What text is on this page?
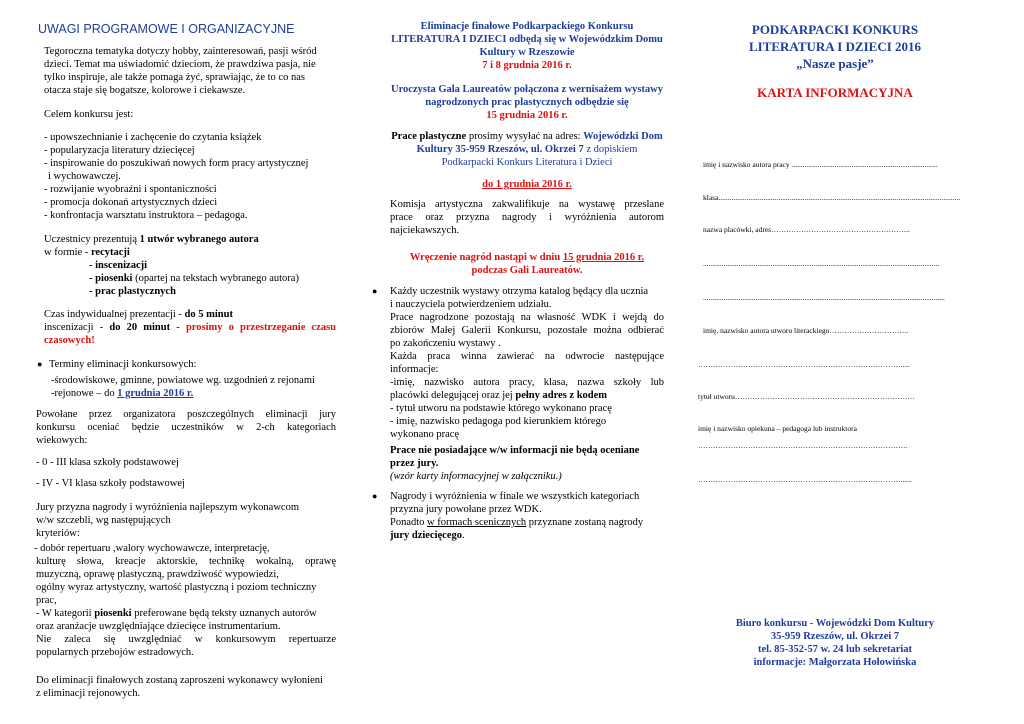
UWAGI PROGRAMOWE I ORGANIZACYJNE
Tegoroczna tematyka dotyczy hobby, zainteresowań, pasji wśród
dzieci. Temat ma uświadomić dzieciom, że prawdziwa pasja, nie
tylko inspiruje, ale także pomaga żyć, sprawiając, że to co nas
otacza staje się bogatsze, kolorowe i ciekawsze.
Celem konkursu jest:
- upowszechnianie i zachęcenie do czytania książek
- popularyzacja literatury dziecięcej
- inspirowanie do poszukiwań nowych form pracy artystycznej
i wychowawczej.
- rozwijanie wyobraźni i spontaniczności
- promocja dokonań artystycznych dzieci
- konfrontacja warsztatu instruktora – pedagoga.
Uczestnicy prezentują 1 utwór wybranego autora
w formie - recytacji
- inscenizacji
- piosenki (opartej na tekstach wybranego autora)
- prac plastycznych
Czas indywidualnej prezentacji - do 5 minut
inscenizacji - do 20 minut - prosimy o przestrzeganie czasu
czasowych!
● Terminy eliminacji konkursowych:
-środowiskowe, gminne, powiatowe wg. uzgodnień z rejonami
-rejonowe – do 1 grudnia 2016 r.
Powołane przez organizatora poszczególnych eliminacji jury
konkursu oceniać będzie uczestników w 2-ch kategoriach
wiekowych:
- 0 - III klasa szkoły podstawowej
- IV - VI klasa szkoły podstawowej
Jury przyzna nagrody i wyróżnienia najlepszym wykonawcom
w/w szczebli, wg następujących
kryteriów:
- dobór repertuaru ,walory wychowawcze, interpretację,
kulturę słowa, kreacje aktorskie, technikę wokalną, oprawę
muzyczną, oprawę plastyczną, prawdziwość wypowiedzi,
ogólny wyraz artystyczny, wartość plastyczną i poziom techniczny
prac,
- W kategorii piosenki preferowane będą teksty uznanych autorów
oraz aranżacje uwzględniające dziecięce instrumentarium.
Nie zaleca się uwzględniać w konkursowym repertuarze
popularnych przebojów estradowych.
Do eliminacji finałowych zostaną zaproszeni wykonawcy wyłonieni
z eliminacji rejonowych.
Eliminacje finałowe Podkarpackiego Konkursu
LITERATURA I DZIECI odbędą się w Wojewódzkim Domu
Kultury w Rzeszowie
7 i 8 grudnia 2016 r.
Uroczysta Gala Laureatów połączona z wernisażem wystawy
nagrodzonych prac plastycznych odbędzie się
15 grudnia 2016 r.
Prace plastyczne prosimy wysyłać na adres: Wojewódzki Dom
Kultury 35-959 Rzeszów, ul. Okrzei 7 z dopiskiem
Podkarpacki Konkurs Literatura i Dzieci
do 1 grudnia 2016 r.
Komisja artystyczna zakwalifikuje na wystawę przesłane
prace oraz przyzna nagrody i wyróżnienia autorom
najciekawszych.
Wręczenie nagród nastąpi w dniu 15 grudnia 2016 r.
podczas Gali Laureatów.
● Każdy uczestnik wystawy otrzyma katalog będący dla ucznia
i nauczyciela potwierdzeniem udziału.
Prace nagrodzone pozostają na własność WDK i wejdą do
zbiorów Małej Galerii Konkursu, pozostałe można odbierać
po zakończeniu wystawy .
Każda praca winna zawierać na odwrocie następujące
informacje:
-imię, nazwisko autora pracy, klasa, nazwa szkoły lub
placówki delegującej oraz jej pełny adres z kodem
- tytuł utworu na podstawie którego wykonano pracę
- imię, nazwisko pedagoga pod kierunkiem którego
wykonano pracę
Prace nie posiadające w/w informacji nie będą oceniane
przez jury.
(wzór karty informacyjnej w załączniku.)
● Nagrody i wyróżnienia w finale we wszystkich kategoriach
przyzna jury powołane przez WDK.
Ponadto w formach scenicznych przyznane zostaną nagrody
jury dziecięcego.
PODKARPACKI KONKURS
LITERATURA I DZIECI 2016
„Nasze pasje”
KARTA INFORMACYJNA
imię i nazwisko autora pracy ..............................................................................
klasa.................................................................................................................................
nazwa placówki, adres………………………………………………..
..............................................................................................................................
.................................................................................................................................
imię, nazwisko autora utworu literackiego…………………………..
……………………………………………………………………….....
tytuł utworu………………………………………………………………
imię i nazwisko opiekuna – pedagoga lub instruktora
…………………………………………………………………………
………………………………………………………………………......
Biuro konkursu - Wojewódzki Dom Kultury
35-959 Rzeszów, ul. Okrzei 7
tel. 85-352-57 w. 24 lub sekretariat
informacje: Małgorzata Hołowińska
